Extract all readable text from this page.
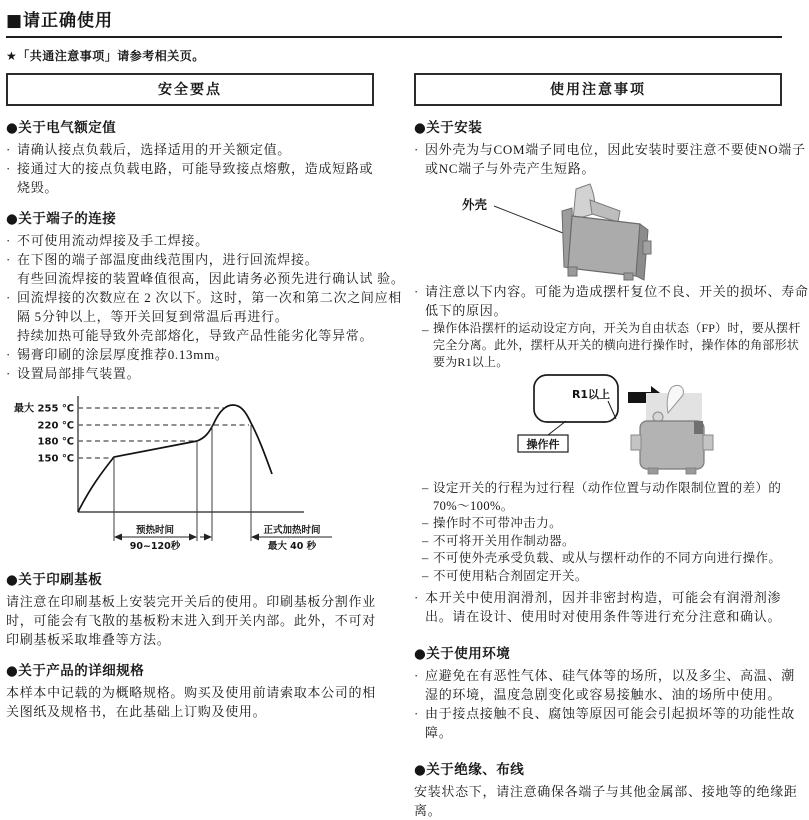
■请正确使用
★「共通注意事项」请参考相关页。
安全要点
●关于电气额定值
· 请确认接点负载后，选择适用的开关额定值。
· 接通过大的接点负载电路，可能导致接点熔敷，造成短路或
烧毁。
●关于端子的连接
· 不可使用流动焊接及手工焊接。
· 在下图的端子部温度曲线范围内，进行回流焊接。
有些回流焊接的装置峰值很高，因此请务必预先进行确认试 验。
· 回流焊接的次数应在 2 次以下。这时，第一次和第二次之间应相
隔 5分钟以上，等开关回复到常温后再进行。
持续加热可能导致外壳部熔化，导致产品性能劣化等异常。
· 锡膏印刷的涂层厚度推荐0.13mm。
· 设置局部排气装置。
最大 255 ℃
220 ℃
180 ℃
150 ℃
预热时间
90~120秒
正式加热时间
最大 40 秒
●关于印刷基板
请注意在印刷基板上安装完开关后的使用。印刷基板分割作业
时，可能会有飞散的基板粉末进入到开关内部。此外，不可对
印刷基板采取堆叠等方法。
●关于产品的详细规格
本样本中记载的为概略规格。购买及使用前请索取本公司的相
关图纸及规格书，在此基础上订购及使用。
使用注意事项
●关于安装
· 因外壳为与COM端子同电位，因此安装时要注意不要使NO端子
或NC端子与外壳产生短路。
外壳
· 请注意以下内容。可能为造成摆杆复位不良、开关的损坏、寿命
低下的原因。
– 操作体沿摆杆的运动设定方向，开关为自由状态（FP）时，要从摆杆
完全分离。此外，摆杆从开关的横向进行操作时，操作体的角部形状
要为R1以上。
R1以上
操作件
– 设定开关的行程为过行程（动作位置与动作限制位置的差）的
70%～100%。
– 操作时不可带冲击力。
– 不可将开关用作制动器。
– 不可使外壳承受负载、或从与摆杆动作的不同方向进行操作。
– 不可使用粘合剂固定开关。
· 本开关中使用润滑剂，因并非密封构造，可能会有润滑剂渗
出。请在设计、使用时对使用条件等进行充分注意和确认。
●关于使用环境
· 应避免在有恶性气体、硅气体等的场所，以及多尘、高温、潮
湿的环境，温度急剧变化或容易接触水、油的场所中使用。
· 由于接点接触不良、腐蚀等原因可能会引起损坏等的功能性故
障。
●关于绝缘、布线
安装状态下，请注意确保各端子与其他金属部、接地等的绝缘距
离。
